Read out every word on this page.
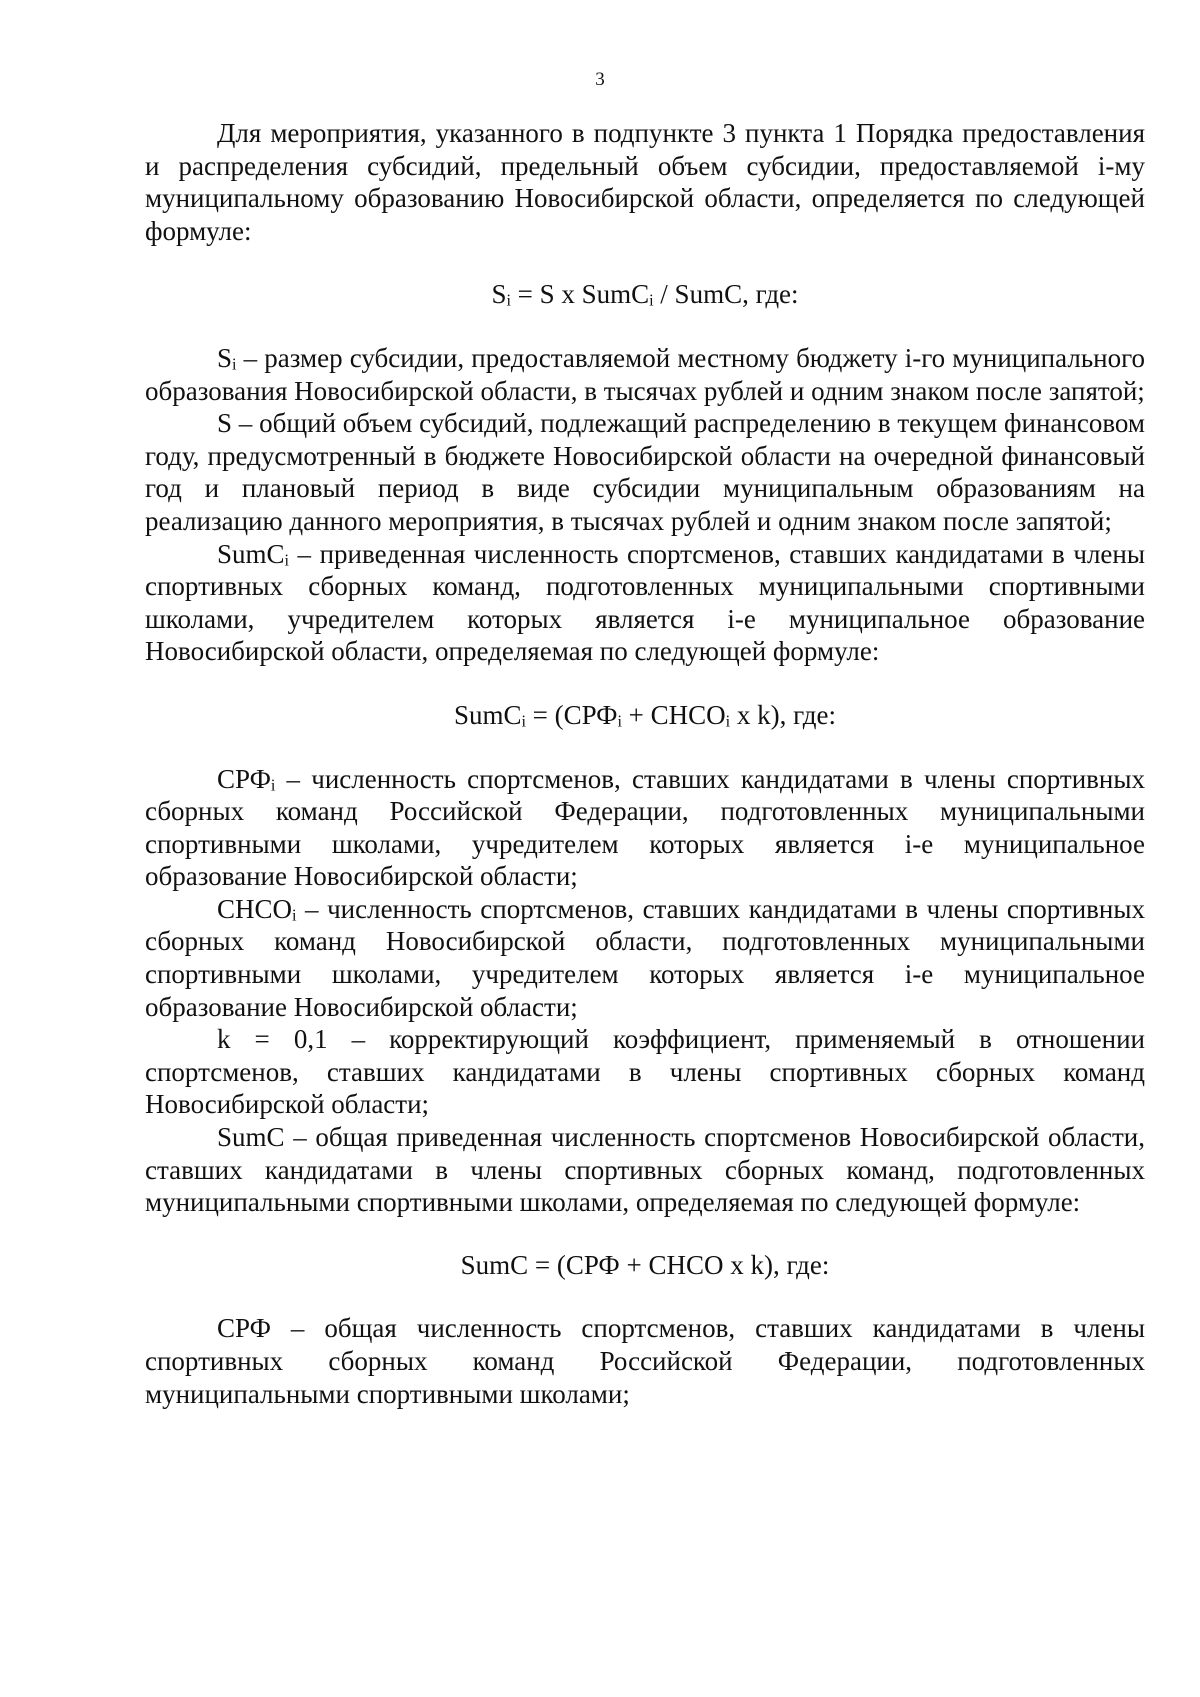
3

Для мероприятия, указанного в подпункте 3 пункта 1 Порядка предоставления и распределения субсидий, предельный объем субсидии, предоставляемой i-му муниципальному образованию Новосибирской области, определяется по следующей формуле:

Sᵢ = S x SumCᵢ / SumC, где:

Sᵢ – размер субсидии, предоставляемой местному бюджету i-го муниципального образования Новосибирской области, в тысячах рублей и одним знаком после запятой;

S – общий объем субсидий, подлежащий распределению в текущем финансовом году, предусмотренный в бюджете Новосибирской области на очередной финансовый год и плановый период в виде субсидии муниципальным образованиям на реализацию данного мероприятия, в тысячах рублей и одним знаком после запятой;

SumCᵢ – приведенная численность спортсменов, ставших кандидатами в члены спортивных сборных команд, подготовленных муниципальными спортивными школами, учредителем которых является i-е муниципальное образование Новосибирской области, определяемая по следующей формуле:

SumCᵢ = (СРФᵢ + СНСОᵢ x k), где:

СРФᵢ – численность спортсменов, ставших кандидатами в члены спортивных сборных команд Российской Федерации, подготовленных муниципальными спортивными школами, учредителем которых является i-е муниципальное образование Новосибирской области;

СНСОᵢ – численность спортсменов, ставших кандидатами в члены спортивных сборных команд Новосибирской области, подготовленных муниципальными спортивными школами, учредителем которых является i-е муниципальное образование Новосибирской области;

k = 0,1 – корректирующий коэффициент, применяемый в отношении спортсменов, ставших кандидатами в члены спортивных сборных команд Новосибирской области;

SumC – общая приведенная численность спортсменов Новосибирской области, ставших кандидатами в члены спортивных сборных команд, подготовленных муниципальными спортивными школами, определяемая по следующей формуле:

SumC = (СРФ + СНСО x k), где:

СРФ – общая численность спортсменов, ставших кандидатами в члены спортивных сборных команд Российской Федерации, подготовленных муниципальными спортивными школами;
